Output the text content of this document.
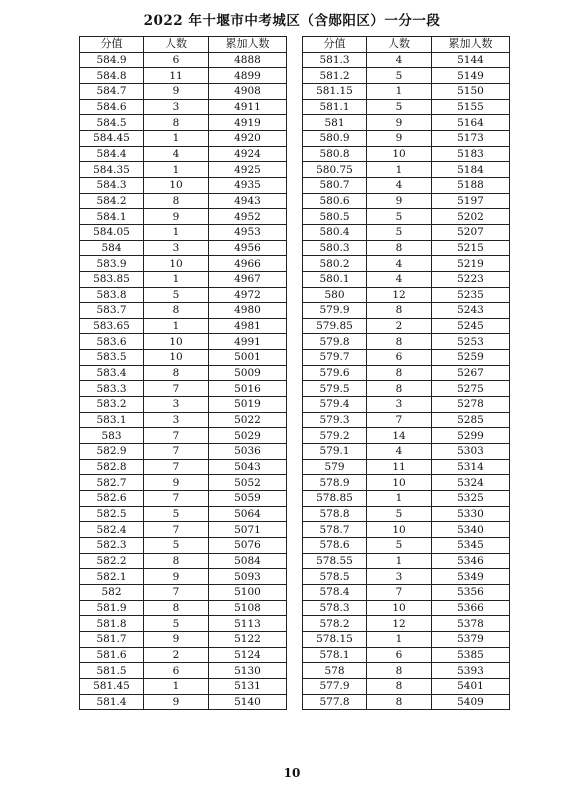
2022 年十堰市中考城区（含郧阳区）一分一段
分值	人数	累加人数
584.9	6	4888
584.8	11	4899
584.7	9	4908
584.6	3	4911
584.5	8	4919
584.45	1	4920
584.4	4	4924
584.35	1	4925
584.3	10	4935
584.2	8	4943
584.1	9	4952
584.05	1	4953
584	3	4956
583.9	10	4966
583.85	1	4967
583.8	5	4972
583.7	8	4980
583.65	1	4981
583.6	10	4991
583.5	10	5001
583.4	8	5009
583.3	7	5016
583.2	3	5019
583.1	3	5022
583	7	5029
582.9	7	5036
582.8	7	5043
582.7	9	5052
582.6	7	5059
582.5	5	5064
582.4	7	5071
582.3	5	5076
582.2	8	5084
582.1	9	5093
582	7	5100
581.9	8	5108
581.8	5	5113
581.7	9	5122
581.6	2	5124
581.5	6	5130
581.45	1	5131
581.4	9	5140
分值	人数	累加人数
581.3	4	5144
581.2	5	5149
581.15	1	5150
581.1	5	5155
581	9	5164
580.9	9	5173
580.8	10	5183
580.75	1	5184
580.7	4	5188
580.6	9	5197
580.5	5	5202
580.4	5	5207
580.3	8	5215
580.2	4	5219
580.1	4	5223
580	12	5235
579.9	8	5243
579.85	2	5245
579.8	8	5253
579.7	6	5259
579.6	8	5267
579.5	8	5275
579.4	3	5278
579.3	7	5285
579.2	14	5299
579.1	4	5303
579	11	5314
578.9	10	5324
578.85	1	5325
578.8	5	5330
578.7	10	5340
578.6	5	5345
578.55	1	5346
578.5	3	5349
578.4	7	5356
578.3	10	5366
578.2	12	5378
578.15	1	5379
578.1	6	5385
578	8	5393
577.9	8	5401
577.8	8	5409
10
